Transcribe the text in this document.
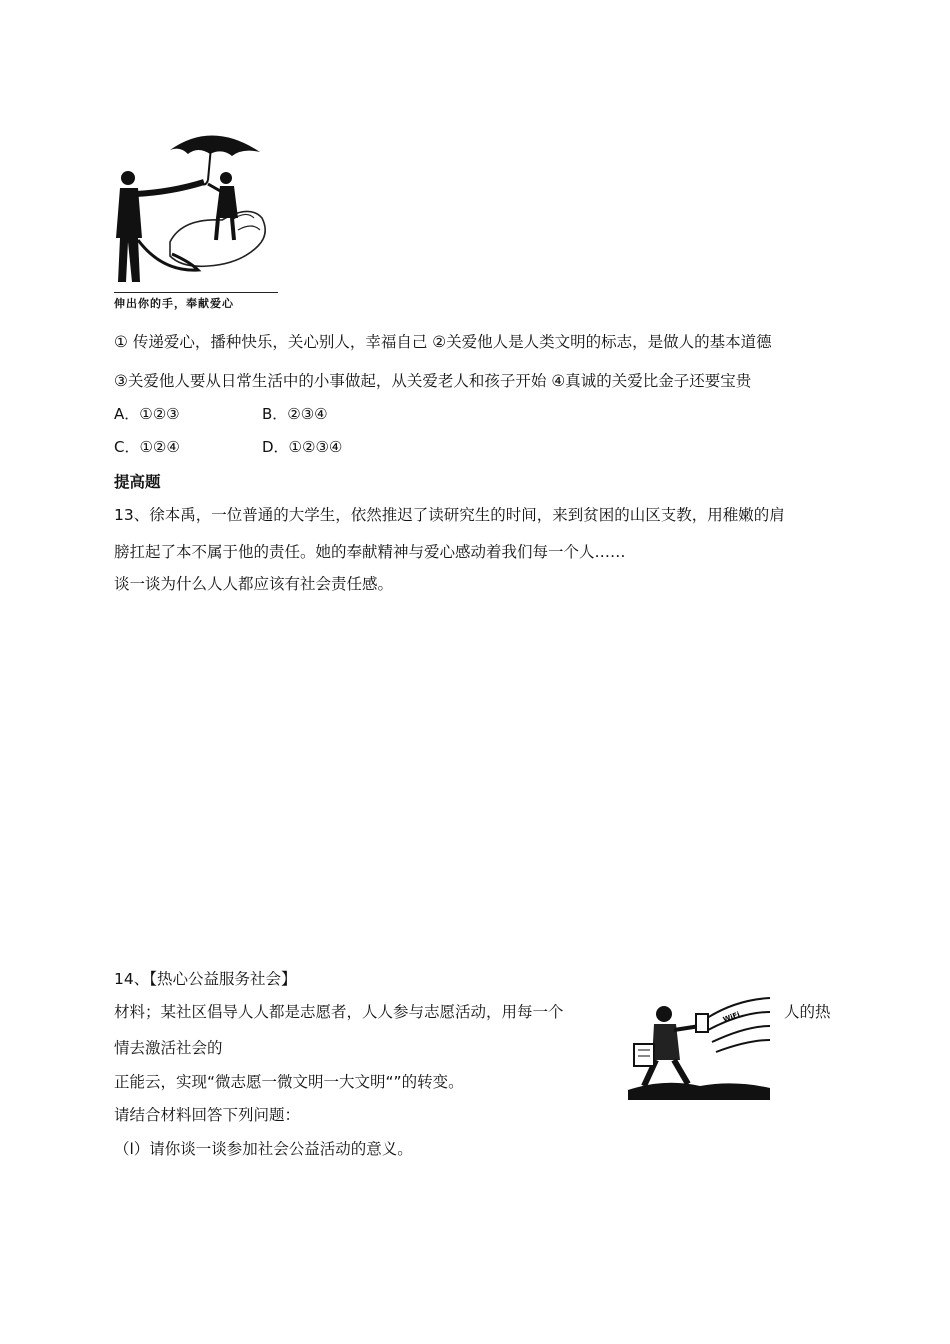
伸出你的手，奉献爱心
① 传递爱心，播种快乐，关心别人，幸福自己 ②关爱他人是人类文明的标志，是做人的基本道德
③关爱他人要从日常生活中的小事做起，从关爱老人和孩子开始 ④真诚的关爱比金子还要宝贵
A．①②③	B．②③④
C．①②④	D．①②③④
提高题
13、徐本禹，一位普通的大学生，依然推迟了读研究生的时间，来到贫困的山区支教，用稚嫩的肩
膀扛起了本不属于他的责任。她的奉献精神与爱心感动着我们每一个人……
谈一谈为什么人人都应该有社会责任感。
14、【热心公益服务社会】
材料；某社区倡导人人都是志愿者，人人参与志愿活动，用每一个	人的热
情去激活社会的
正能云，实现“微志愿一微文明一大文明“”的转变。
请结合材料回答下列问题：
（l）请你谈一谈参加社会公益活动的意义。
WiFi
